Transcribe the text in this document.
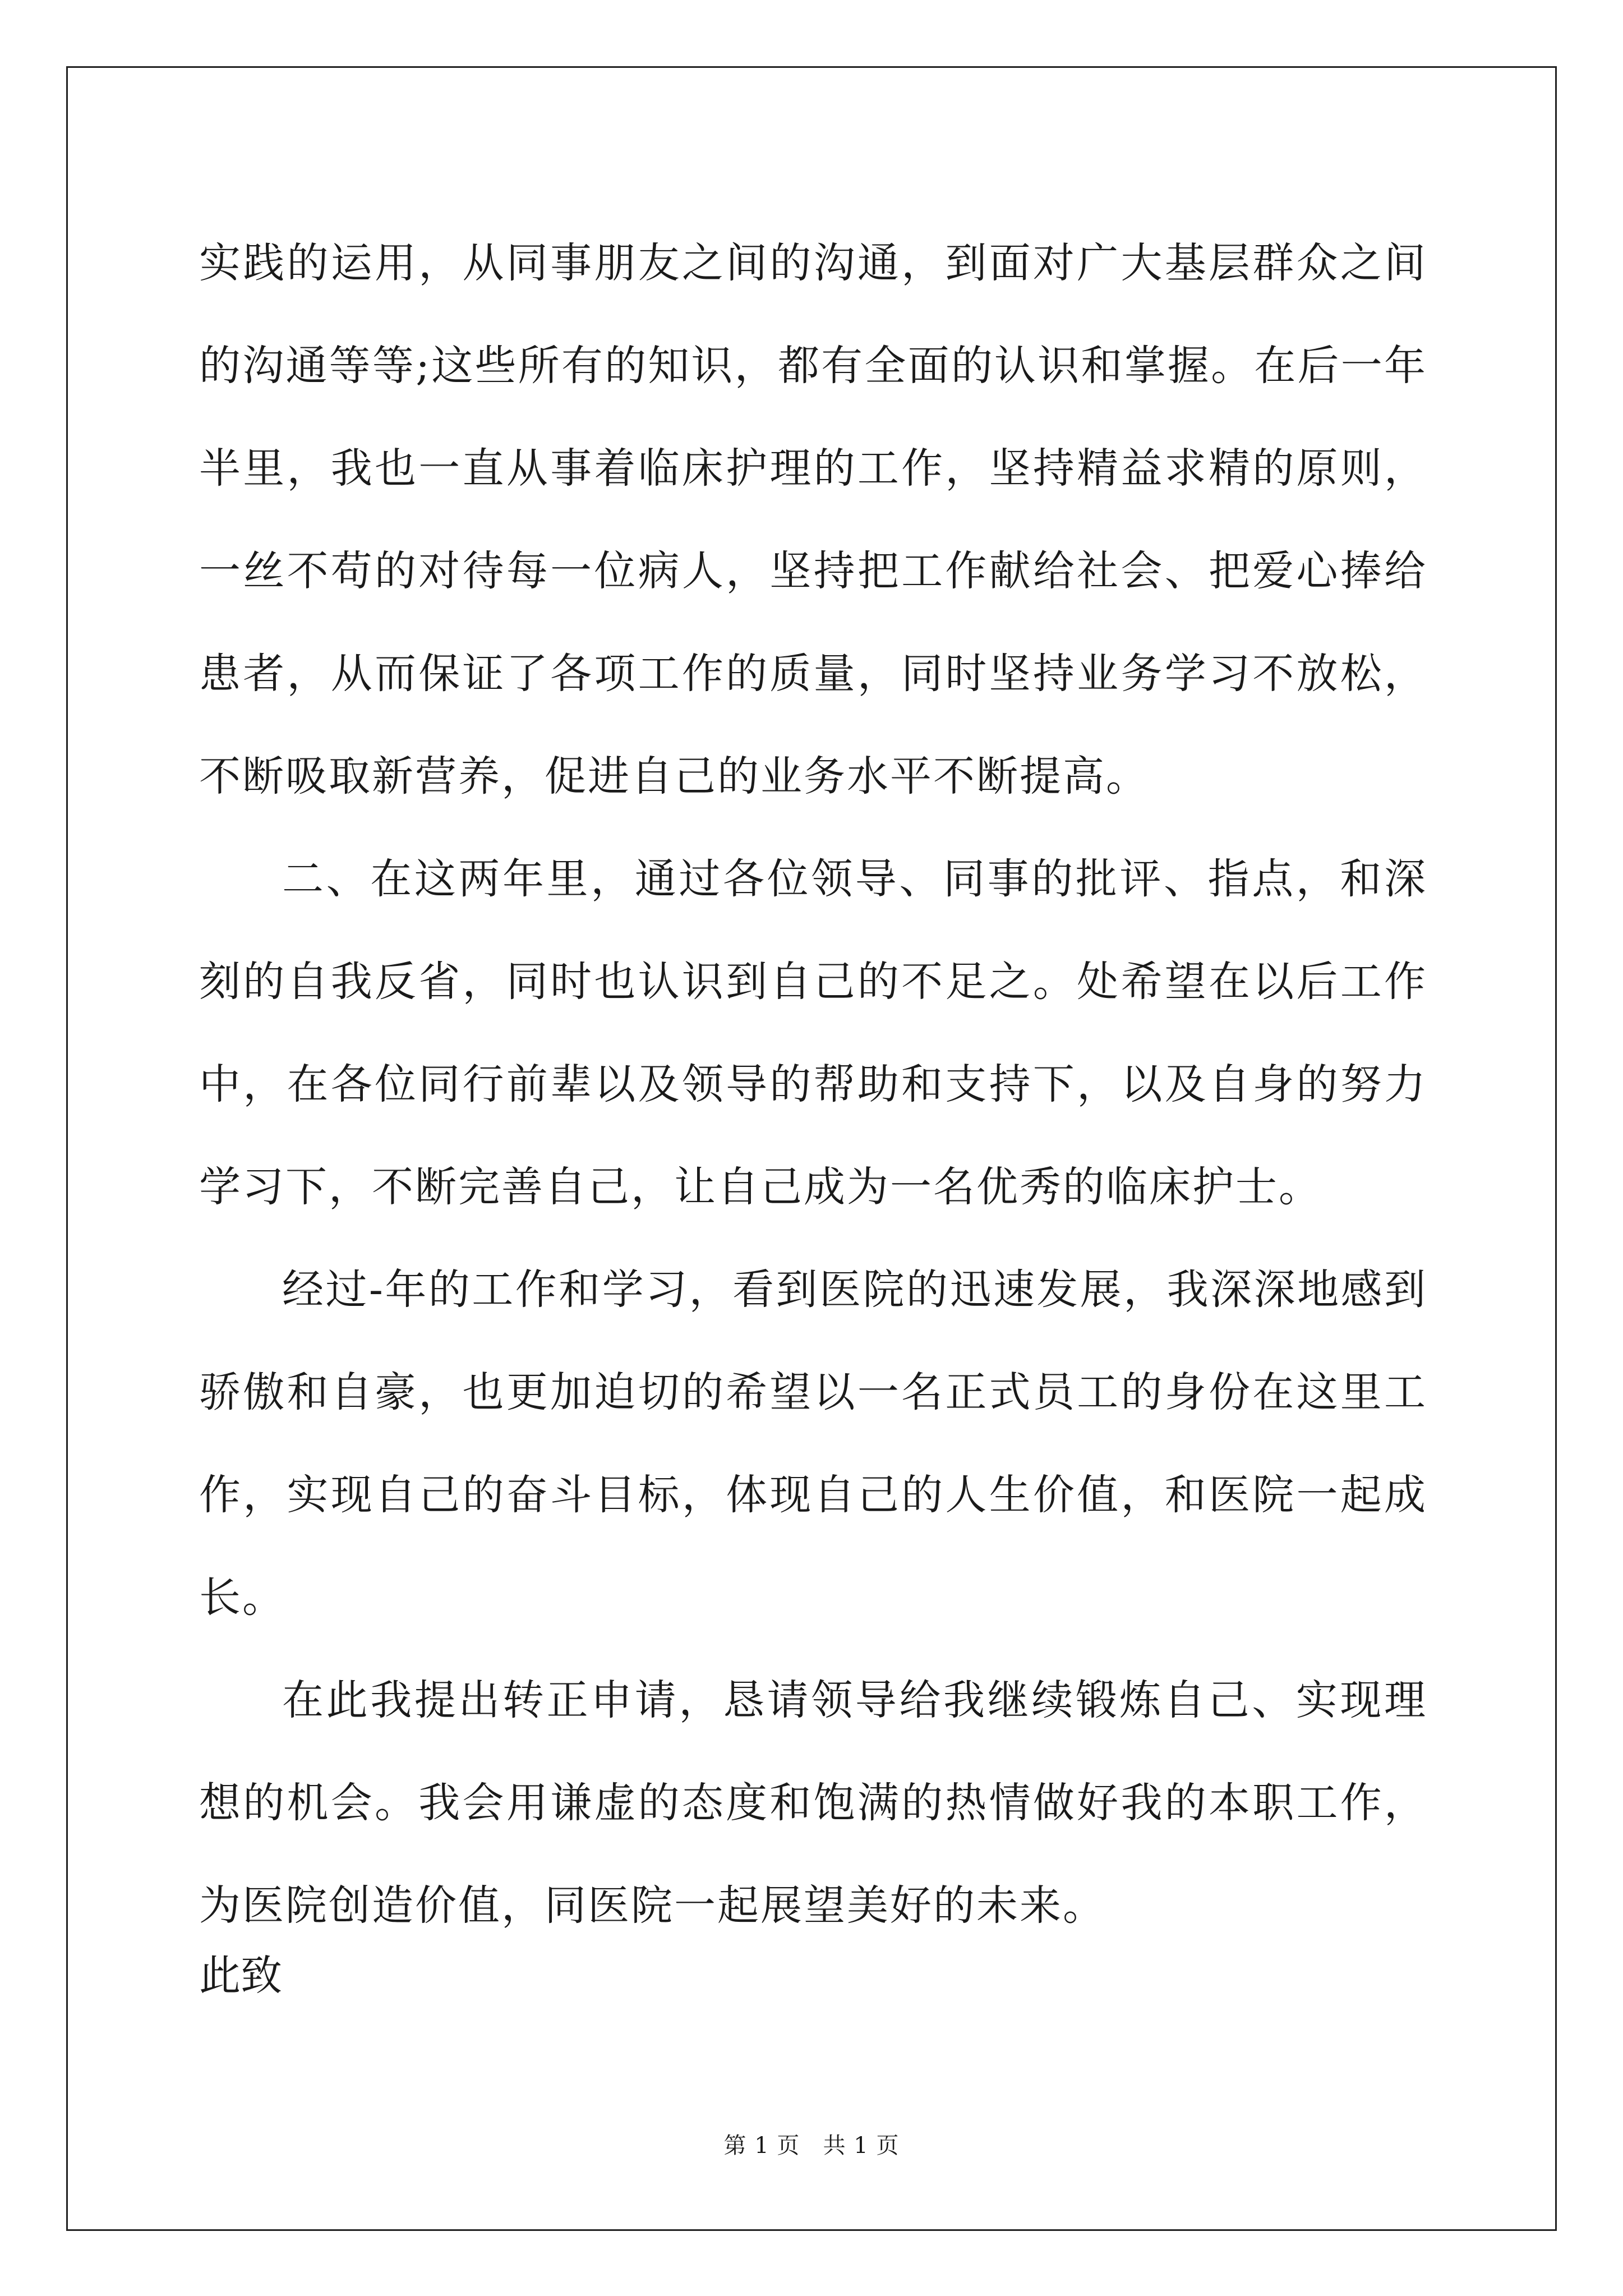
实践的运用，从同事朋友之间的沟通，到面对广大基层群众之间的沟通等等;这些所有的知识，都有全面的认识和掌握。在后一年半里，我也一直从事着临床护理的工作，坚持精益求精的原则，一丝不苟的对待每一位病人，坚持把工作献给社会、把爱心捧给患者，从而保证了各项工作的质量，同时坚持业务学习不放松，不断吸取新营养，促进自己的业务水平不断提高。

二、在这两年里，通过各位领导、同事的批评、指点，和深刻的自我反省，同时也认识到自己的不足之。处希望在以后工作中，在各位同行前辈以及领导的帮助和支持下，以及自身的努力学习下，不断完善自己，让自己成为一名优秀的临床护士。

经过-年的工作和学习，看到医院的迅速发展，我深深地感到骄傲和自豪，也更加迫切的希望以一名正式员工的身份在这里工作，实现自己的奋斗目标，体现自己的人生价值，和医院一起成长。

在此我提出转正申请，恳请领导给我继续锻炼自己、实现理想的机会。我会用谦虚的态度和饱满的热情做好我的本职工作，为医院创造价值，同医院一起展望美好的未来。

此致

第 1 页   共 1 页
